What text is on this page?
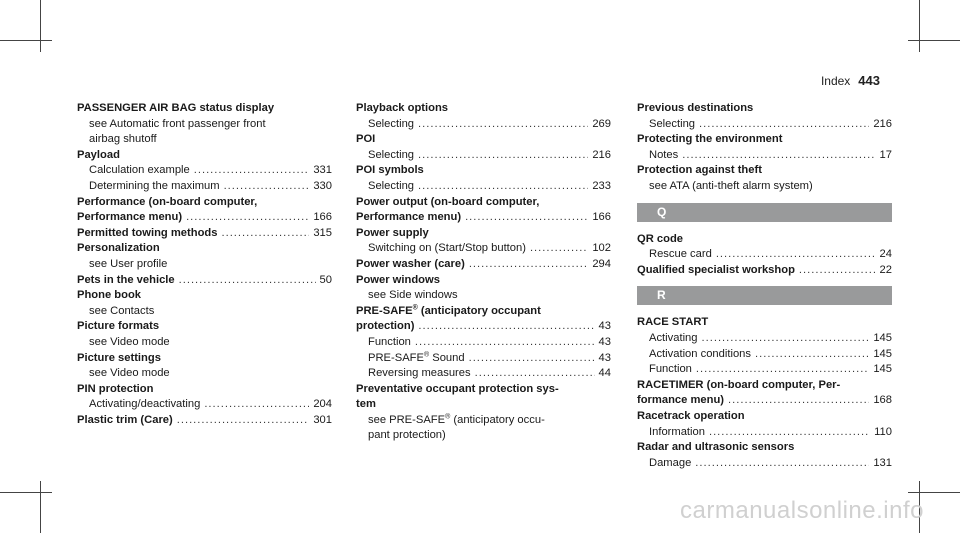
Index 443
PASSENGER AIR BAG status display
see Automatic front passenger front
airbag shutoff
Payload
Calculation example .....	331
Determining the maximum .....	330
Performance (on-board computer,
Performance menu) .....	166
Permitted towing methods .....	315
Personalization
see User profile
Pets in the vehicle .....	50
Phone book
see Contacts
Picture formats
see Video mode
Picture settings
see Video mode
PIN protection
Activating/deactivating .....	204
Plastic trim (Care) .....	301
Playback options
Selecting .....	269
POI
Selecting .....	216
POI symbols
Selecting .....	233
Power output (on-board computer,
Performance menu) .....	166
Power supply
Switching on (Start/Stop button) .....	102
Power washer (care) .....	294
Power windows
see Side windows
PRE-SAFE® (anticipatory occupant
protection) .....	43
Function .....	43
PRE-SAFE® Sound .....	43
Reversing measures .....	44
Preventative occupant protection sys-
tem
see PRE-SAFE® (anticipatory occu-
pant protection)
Previous destinations
Selecting .....	216
Protecting the environment
Notes .....	17
Protection against theft
see ATA (anti-theft alarm system)
Q
QR code
Rescue card .....	24
Qualified specialist workshop .....	22
R
RACE START
Activating .....	145
Activation conditions .....	145
Function .....	145
RACETIMER (on-board computer, Per-
formance menu) .....	168
Racetrack operation
Information .....	110
Radar and ultrasonic sensors
Damage .....	131
carmanualsonline.info
